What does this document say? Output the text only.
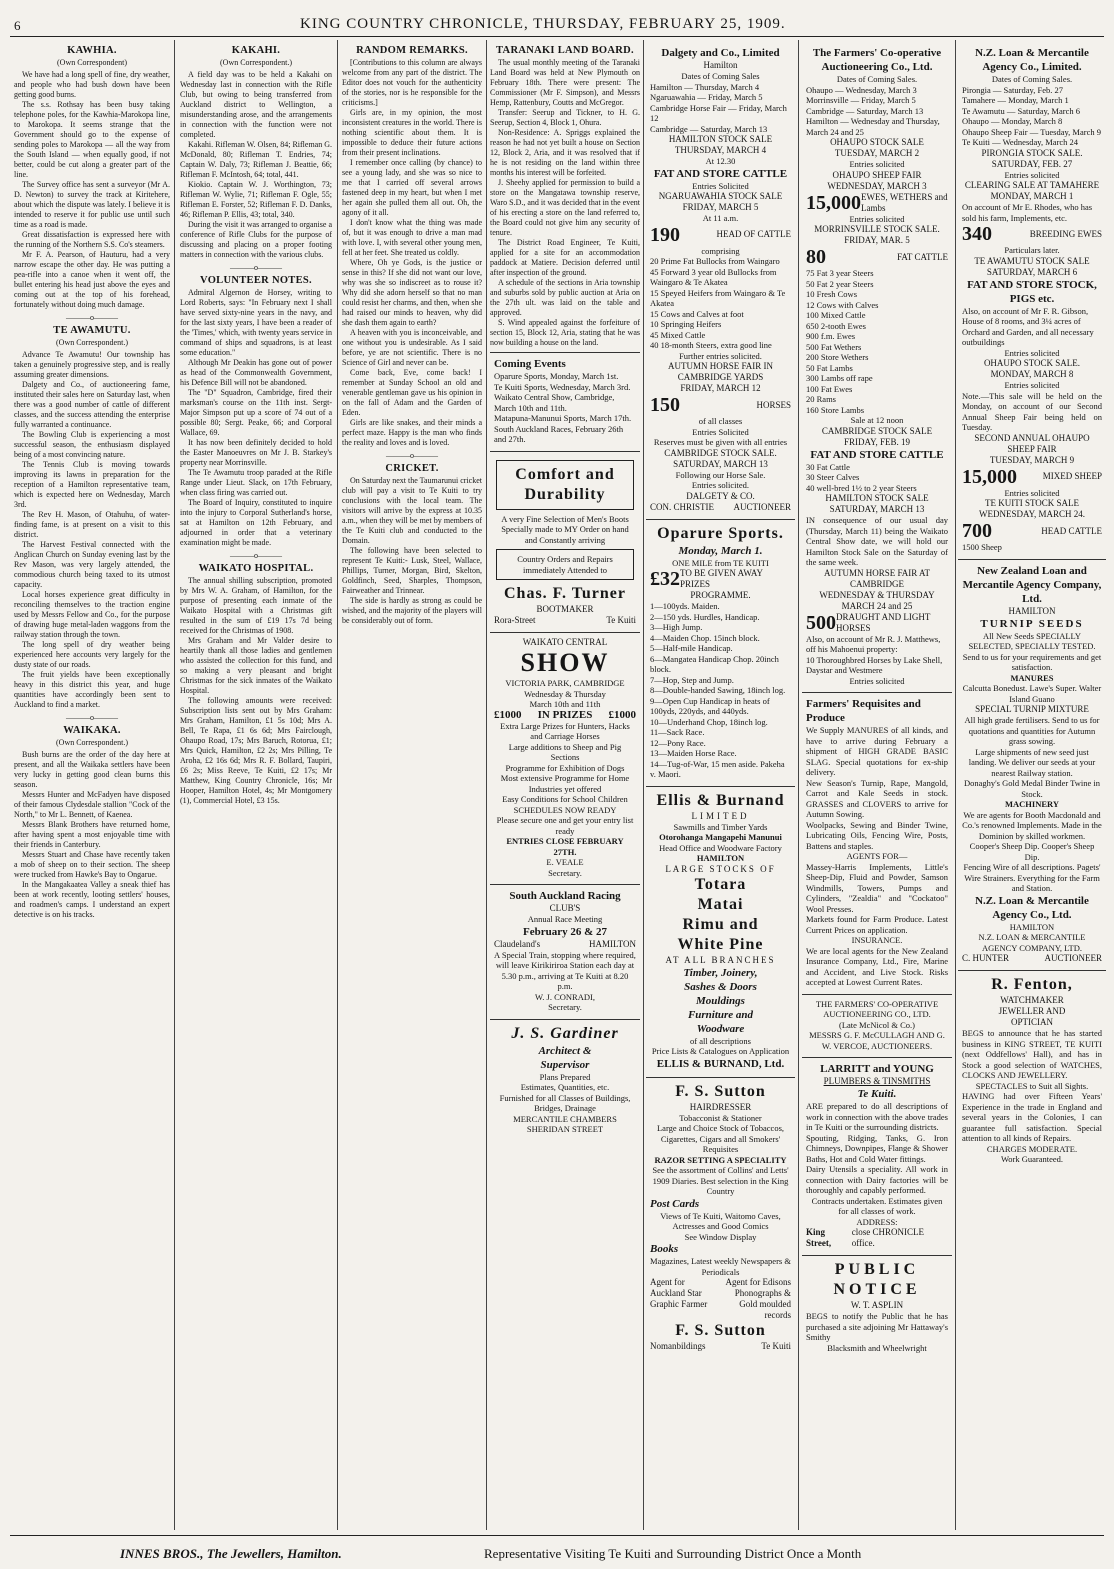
6	KING COUNTRY CHRONICLE, THURSDAY, FEBRUARY 25, 1909.
KAWHIA.
(Own Correspondent)

We have had a long spell of fine, dry weather, and people who had bush down have been getting good burns.

The s.s. Rothsay has been busy taking telephone poles, for the Kawhia-Marokopa line, to Marokopa. It seems strange that the Government should go to the expense of sending poles to Marokopa — all the way from the South Island — when equally good, if not better, could be cut along a greater part of the line.

The Survey office has sent a surveyor (Mr A. D. Newton) to survey the track at Kiritehere, about which the dispute was lately. I believe it is intended to reserve it for public use until such time as a road is made.

Great dissatisfaction is expressed here with the running of the Northern S.S. Co's steamers.

Mr F. A. Pearson, of Hauturu, had a very narrow escape the other day. He was putting a pea-rifle into a canoe when it went off, the bullet entering his head just above the eyes and coming out at the top of his forehead, fortunately without doing much damage.

———o———
TE AWAMUTU.
(Own Correspondent.)

Advance Te Awamutu! Our township has taken a genuinely progressive step, and is really assuming greater dimensions.

Dalgety and Co., of auctioneering fame, instituted their sales here on Saturday last, when there was a good number of cattle of different classes, and the success attending the enterprise fully warranted a continuance.

The Bowling Club is experiencing a most successful season, the enthusiasm displayed being of a most convincing nature.

The Tennis Club is moving towards improving its lawns in preparation for the reception of a Hamilton representative team, which is expected here on Wednesday, March 3rd.

The Rev H. Mason, of Otahuhu, of water-finding fame, is at present on a visit to this district.

The Harvest Festival connected with the Anglican Church on Sunday evening last by the Rev Mason, was very largely attended, the commodious church being taxed to its utmost capacity.

Local horses experience great difficulty in reconciling themselves to the traction engine used by Messrs Fellow and Co., for the purpose of drawing huge metal-laden waggons from the railway station through the town.

The long spell of dry weather being experienced here accounts very largely for the dusty state of our roads.

The fruit yields have been exceptionally heavy in this district this year, and huge quantities have accordingly been sent to Auckland to find a market.

———o———
WAIKAKA.
(Own Correspondent.)

Bush burns are the order of the day here at present, and all the Waikaka settlers have been very lucky in getting good clean burns this season.

Messrs Hunter and McFadyen have disposed of their famous Clydesdale stallion "Cock of the North," to Mr L. Bennett, of Kaenea.

Messrs Blank Brothers have returned home, after having spent a most enjoyable time with their friends in Canterbury.

Messrs Stuart and Chase have recently taken a mob of sheep on to their section. The sheep were trucked from Hawke's Bay to Ongarue.

In the Mangakaatea Valley a sneak thief has been at work recently, looting settlers' houses, and roadmen's camps. I understand an expert detective is on his tracks.

KAKAHI.
(Own Correspondent.)

A field day was to be held a Kakahi on Wednesday last in connection with the Rifle Club, but owing to being transferred from Auckland district to Wellington, a misunderstanding arose, and the arrangements in connection with the function were not completed.

Kakahi. Rifleman W. Olsen, 84; Rifleman G. McDonald, 80; Rifleman T. Endries, 74; Captain W. Daly, 73; Rifleman J. Beattie, 66; Rifleman F. McIntosh, 64; total, 441.

Kiokio. Captain W. J. Worthington, 73; Rifleman W. Wylie, 71; Rifleman F. Ogle, 55; Rifleman E. Forster, 52; Rifleman F. D. Danks, 46; Rifleman P. Ellis, 43; total, 340.

During the visit it was arranged to organise a conference of Rifle Clubs for the purpose of discussing and placing on a proper footing matters in connection with the various clubs.

———o———
VOLUNTEER NOTES.

Admiral Algernon de Horsey, writing to Lord Roberts, says: "In February next I shall have served sixty-nine years in the navy, and for the last sixty years, I have been a reader of the 'Times,' which, with twenty years service in command of ships and squadrons, is at least some education."

Although Mr Deakin has gone out of power as head of the Commonwealth Government, his Defence Bill will not be abandoned.

The "D" Squadron, Cambridge, fired their marksman's course on the 11th inst. Sergt-Major Simpson put up a score of 74 out of a possible 80; Sergt. Peake, 66; and Corporal Wallace, 69.

It has now been definitely decided to hold the Easter Manoeuvres on Mr J. B. Starkey's property near Morrinsville.

The Te Awamutu troop paraded at the Rifle Range under Lieut. Slack, on 17th February, when class firing was carried out.

The Board of Inquiry, constituted to inquire into the injury to Corporal Sutherland's horse, sat at Hamilton on 12th February, and adjourned in order that a veterinary examination might be made.

———o———
WAIKATO HOSPITAL.

The annual shilling subscription, promoted by Mrs W. A. Graham, of Hamilton, for the purpose of presenting each inmate of the Waikato Hospital with a Christmas gift resulted in the sum of £19 17s 7d being received for the Christmas of 1908.

Mrs Graham and Mr Valder desire to heartily thank all those ladies and gentlemen who assisted the collection for this fund, and so making a very pleasant and bright Christmas for the sick inmates of the Waikato Hospital.

The following amounts were received: Subscription lists sent out by Mrs Graham: Mrs Graham, Hamilton, £1 5s 10d; Mrs A. Bell, Te Rapa, £1 6s 6d; Mrs Fairclough, Ohaupo Road, 17s; Mrs Baruch, Rotorua, £1; Mrs Quick, Hamilton, £2 2s; Mrs Pilling, Te Aroha, £2 16s 6d; Mrs R. F. Bollard, Taupiri, £6 2s; Miss Reeve, Te Kuiti, £2 17s; Mr Matthew, King Country Chronicle, 16s; Mr Hooper, Hamilton Hotel, 4s; Mr Montgomery (1), Commercial Hotel, £3 15s.

RANDOM REMARKS.

[Contributions to this column are always welcome from any part of the district. The Editor does not vouch for the authenticity of the stories, nor is he responsible for the criticisms.]

Girls are, in my opinion, the most inconsistent creatures in the world. There is nothing scientific about them. It is impossible to deduce their future actions from their present inclinations.

I remember once calling (by chance) to see a young lady, and she was so nice to me that I carried off several arrows fastened deep in my heart, but when I met her again she pulled them all out. Oh, the agony of it all.

I don't know what the thing was made of, but it was enough to drive a man mad with love. I, with several other young men, fell at her feet. She treated us coldly.

Where, Oh ye Gods, is the justice or sense in this? If she did not want our love, why was she so indiscreet as to rouse it? Why did she adorn herself so that no man could resist her charms, and then, when she had raised our minds to heaven, why did she dash them again to earth?

A heaven with you is inconceivable, and one without you is undesirable. As I said before, ye are not scientific. There is no Science of Girl and never can be.

Come back, Eve, come back! I remember at Sunday School an old and venerable gentleman gave us his opinion in on the fall of Adam and the Garden of Eden.

Girls are like snakes, and their minds a perfect maze. Happy is the man who finds the reality and loves and is loved.

———o———
CRICKET.

On Saturday next the Taumarunui cricket club will pay a visit to Te Kuiti to try conclusions with the local team. The visitors will arrive by the express at 10.35 a.m., when they will be met by members of the Te Kuiti club and conducted to the Domain.

The following have been selected to represent Te Kuiti:- Lusk, Steel, Wallace, Phillips, Turner, Morgan, Bird, Skelton, Goldfinch, Seed, Sharples, Thompson, Fairweather and Trinnear.

The side is hardly as strong as could be wished, and the majority of the players will be considerably out of form.

TARANAKI LAND BOARD.

The usual monthly meeting of the Taranaki Land Board was held at New Plymouth on February 18th. There were present: The Commissioner (Mr F. Simpson), and Messrs Hemp, Rattenbury, Coutts and McGregor.

Transfer: Seerup and Tickner, to H. G. Seerup, Section 4, Block 1, Ohura.

Non-Residence: A. Spriggs explained the reason he had not yet built a house on Section 12, Block 2, Aria, and it was resolved that if he is not residing on the land within three months his interest will be forfeited.

J. Sheehy applied for permission to build a store on the Mangatawa township reserve, Waro S.D., and it was decided that in the event of his erecting a store on the land referred to, the Board could not give him any security of tenure.

The District Road Engineer, Te Kuiti, applied for a site for an accommodation paddock at Matiere. Decision deferred until after inspection of the ground.

A schedule of the sections in Aria township and suburbs sold by public auction at Aria on the 27th ult. was laid on the table and approved.

S. Wind appealed against the forfeiture of section 15, Block 12, Aria, stating that he was now building a house on the land.

Coming Events
Oparure Sports, Monday, March 1st.
Te Kuiti Sports, Wednesday, March 3rd.
Waikato Central Show, Cambridge, March 10th and 11th.
Matapuna-Manunui Sports, March 17th.
South Auckland Races, February 26th and 27th.
Comfort and
Durability
A very Fine Selection of Men's Boots Specially made to MY Order on hand and Constantly arriving
Country Orders and Repairs immediately Attended to
Chas. F. Turner
BOOTMAKER
Rora-Street	Te Kuiti
WAIKATO CENTRAL
SHOW
VICTORIA PARK, CAMBRIDGE
Wednesday & Thursday
March 10th and 11th
£1000 IN PRIZES £1000
Extra Large Prizes for Hunters, Hacks and Carriage Horses
Large additions to Sheep and Pig Sections
Programme for Exhibition of Dogs
Most extensive Programme for Home Industries yet offered
Easy Conditions for School Children
SCHEDULES NOW READY
Please secure one and get your entry list ready
ENTRIES CLOSE FEBRUARY 27TH.
E. VEALE
Secretary.
South Auckland Racing
CLUB'S
Annual Race Meeting
February 26 & 27
Claudeland's	HAMILTON
A Special Train, stopping where required, will leave Kirikiriroa Station each day at 5.30 p.m., arriving at Te Kuiti at 8.20 p.m.
W. J. CONRADI,
Secretary.
J. S. Gardiner
Architect &
Supervisor
Plans Prepared
Estimates, Quantities, etc.
Furnished for all Classes of Buildings, Bridges, Drainage
MERCANTILE CHAMBERS SHERIDAN STREET
Dalgety and Co., Limited
Hamilton
Dates of Coming Sales
Hamilton — Thursday, March 4
Ngaruawahia — Friday, March 5
Cambridge Horse Fair — Friday, March 12
Cambridge — Saturday, March 13
HAMILTON STOCK SALE
THURSDAY, MARCH 4
At 12.30
FAT AND STORE CATTLE
Entries Solicited
NGARUAWAHIA STOCK SALE
FRIDAY, MARCH 5
At 11 a.m.
190	HEAD OF CATTLE
comprising
20 Prime Fat Bullocks from Waingaro
45 Forward 3 year old Bullocks from Waingaro & Te Akatea
15 Speyed Heifers from Waingaro & Te Akatea
15 Cows and Calves at foot
10 Springing Heifers
45 Mixed Cattle
40 18-month Steers, extra good line
Further entries solicited.
AUTUMN HORSE FAIR IN CAMBRIDGE YARDS
FRIDAY, MARCH 12
150	HORSES
of all classes
Entries Solicited
Reserves must be given with all entries
CAMBRIDGE STOCK SALE.
SATURDAY, MARCH 13
Following our Horse Sale.
Entries solicited.
DALGETY & CO.
CON. CHRISTIE AUCTIONEER
Oparure Sports.
Monday, March 1.
ONE MILE from TE KUITI
£32 TO BE GIVEN AWAY PRIZES
PROGRAMME.
1—100yds. Maiden.
2—150 yds. Hurdles, Handicap.
3—High Jump.
4—Maiden Chop. 15inch block.
5—Half-mile Handicap.
6—Mangatea Handicap Chop. 20inch block.
7—Hop, Step and Jump.
8—Double-handed Sawing, 18inch log.
9—Open Cup Handicap in heats of 100yds, 220yds, and 440yds.
10—Underhand Chop, 18inch log.
11—Sack Race.
12—Pony Race.
13—Maiden Horse Race.
14—Tug-of-War, 15 men aside. Pakeha v. Maori.
Ellis & Burnand
LIMITED
Sawmills and Timber Yards
Otorohanga Mangapehi Manunui
Head Office and Woodware Factory
HAMILTON
LARGE STOCKS OF
Totara
Matai
Rimu and
White Pine
AT ALL BRANCHES
Timber, Joinery,
Sashes & Doors
Mouldings
Furniture and
Woodware
of all descriptions
Price Lists & Catalogues on Application
ELLIS & BURNAND, Ltd.
F. S. Sutton
HAIRDRESSER
Tobacconist & Stationer
Large and Choice Stock of Tobaccos, Cigarettes, Cigars and all Smokers' Requisites
RAZOR SETTING A SPECIALITY
See the assortment of Collins' and Letts' 1909 Diaries. Best selection in the King Country
Post Cards
Views of Te Kuiti, Waitomo Caves, Actresses and Good Comics
See Window Display
Books
Magazines, Latest weekly Newspapers & Periodicals
Agent for Auckland Star Graphic Farmer
Agent for Edisons Phonographs & Gold moulded records
F. S. Sutton
Nomanbildings	Te Kuiti
The Farmers' Co-operative Auctioneering Co., Ltd.
Dates of Coming Sales.
Ohaupo — Wednesday, March 3
Morrinsville — Friday, March 5
Cambridge — Saturday, March 13
Hamilton — Wednesday and Thursday, March 24 and 25
OHAUPO STOCK SALE
TUESDAY, MARCH 2
Entries solicited
OHAUPO SHEEP FAIR
WEDNESDAY, MARCH 3
15,000 EWES, WETHERS and Lambs
Entries solicited
MORRINSVILLE STOCK SALE.
FRIDAY, MAR. 5
80	FAT CATTLE
75 Fat 3 year Steers
50 Fat 2 year Steers
10 Fresh Cows
12 Cows with Calves
100 Mixed Cattle
650 2-tooth Ewes
900 f.m. Ewes
500 Fat Wethers
200 Store Wethers
50 Fat Lambs
300 Lambs off rape
100 Fat Ewes
20 Rams
160 Store Lambs
Sale at 12 noon
CAMBRIDGE STOCK SALE
FRIDAY, FEB. 19
FAT AND STORE CATTLE
30 Fat Cattle
30 Steer Calves
40 well-bred 1½ to 2 year Steers
HAMILTON STOCK SALE
SATURDAY, MARCH 13
IN consequence of our usual day (Thursday, March 11) being the Waikato Central Show date, we will hold our Hamilton Stock Sale on the Saturday of the same week.
AUTUMN HORSE FAIR AT CAMBRIDGE
WEDNESDAY & THURSDAY MARCH 24 and 25
500 DRAUGHT AND LIGHT HORSES
Also, on account of Mr R. J. Matthews, off his Mahoenui property:
10 Thoroughbred Horses by Lake Shell, Daystar and Westmere
Entries solicited
Farmers' Requisites and Produce
We Supply MANURES of all kinds, and have to arrive during February a shipment of HIGH GRADE BASIC SLAG. Special quotations for ex-ship delivery.
New Season's Turnip, Rape, Mangold, Carrot and Kale Seeds in stock. GRASSES and CLOVERS to arrive for Autumn Sowing.
Woolpacks, Sewing and Binder Twine, Lubricating Oils, Fencing Wire, Posts, Battens and staples.
AGENTS FOR—
Massey-Harris Implements, Little's Sheep-Dip, Fluid and Powder, Samson Windmills, Towers, Pumps and Cylinders, "Zealdia" and "Cockatoo" Wool Presses.
Markets found for Farm Produce. Latest Current Prices on application.
INSURANCE.
We are local agents for the New Zealand Insurance Company, Ltd., Fire, Marine and Accident, and Live Stock. Risks accepted at Lowest Current Rates.
THE FARMERS' CO-OPERATIVE AUCTIONEERING CO., LTD.
(Late McNicol & Co.)
MESSRS G. F. McCULLAGH AND G. W. VERCOE, AUCTIONEERS.
LARRITT and YOUNG
PLUMBERS & TINSMITHS
Te Kuiti.
ARE prepared to do all descriptions of work in connection with the above trades in Te Kuiti or the surrounding districts.
Spouting, Ridging, Tanks, G. Iron Chimneys, Downpipes, Flange & Shower Baths, Hot and Cold Water fittings.
Dairy Utensils a speciality. All work in connection with Dairy factories will be thoroughly and capably performed.
Contracts undertaken. Estimates given for all classes of work.
ADDRESS:
King Street,
close CHRONICLE office.
PUBLIC NOTICE
W. T. ASPLIN
BEGS to notify the Public that he has purchased a site adjoining Mr Hattaway's Smithy
Blacksmith and Wheelwright
N.Z. Loan & Mercantile Agency Co., Limited.
Dates of Coming Sales.
Pirongia — Saturday, Feb. 27
Tamahere — Monday, March 1
Te Awamutu — Saturday, March 6
Ohaupo — Monday, March 8
Ohaupo Sheep Fair — Tuesday, March 9
Te Kuiti — Wednesday, March 24
PIRONGIA STOCK SALE.
SATURDAY, FEB. 27
Entries solicited
CLEARING SALE AT TAMAHERE
MONDAY, MARCH 1
On account of Mr E. Rhodes, who has sold his farm, Implements, etc.
340	BREEDING EWES
Particulars later.
TE AWAMUTU STOCK SALE
SATURDAY, MARCH 6
FAT AND STORE STOCK, PIGS etc.
Also, on account of Mr F. R. Gibson, House of 8 rooms, and 3¼ acres of Orchard and Garden, and all necessary outbuildings
Entries solicited
OHAUPO STOCK SALE.
MONDAY, MARCH 8
Entries solicited
Note.—This sale will be held on the Monday, on account of our Second Annual Sheep Fair being held on Tuesday.
SECOND ANNUAL OHAUPO SHEEP FAIR
TUESDAY, MARCH 9
15,000	MIXED SHEEP
Entries solicited
TE KUITI STOCK SALE
WEDNESDAY, MARCH 24.
700	HEAD CATTLE
1500 Sheep
New Zealand Loan and Mercantile Agency Company, Ltd.
HAMILTON
TURNIP SEEDS
All New Seeds SPECIALLY SELECTED, SPECIALLY TESTED.
Send to us for your requirements and get satisfaction.
MANURES
Calcutta Bonedust. Lawe's Super. Walter Island Guano
SPECIAL TURNIP MIXTURE
All high grade fertilisers. Send to us for quotations and quantities for Autumn grass sowing.
Large shipments of new seed just landing. We deliver our seeds at your nearest Railway station.
Donaghy's Gold Medal Binder Twine in Stock.
MACHINERY
We are agents for Booth Macdonald and Co.'s renowned Implements. Made in the Dominion by skilled workmen.
Cooper's Sheep Dip. Cooper's Sheep Dip.
Fencing Wire of all descriptions. Pagets' Wire Strainers. Everything for the Farm and Station.
N.Z. Loan & Mercantile Agency Co., Ltd.
HAMILTON
N.Z. LOAN & MERCANTILE AGENCY COMPANY, LTD.
C. HUNTER	AUCTIONEER
R. Fenton,
WATCHMAKER
JEWELLER AND
OPTICIAN
BEGS to announce that he has started business in KING STREET, TE KUITI (next Oddfellows' Hall), and has in Stock a good selection of WATCHES, CLOCKS AND JEWELLERY.
SPECTACLES to Suit all Sights.
HAVING had over Fifteen Years' Experience in the trade in England and several years in the Colonies, I can guarantee full satisfaction. Special attention to all kinds of Repairs.
CHARGES MODERATE.
Work Guaranteed.
INNES BROS., The Jewellers, Hamilton.	Representative Visiting Te Kuiti and Surrounding District Once a Month
